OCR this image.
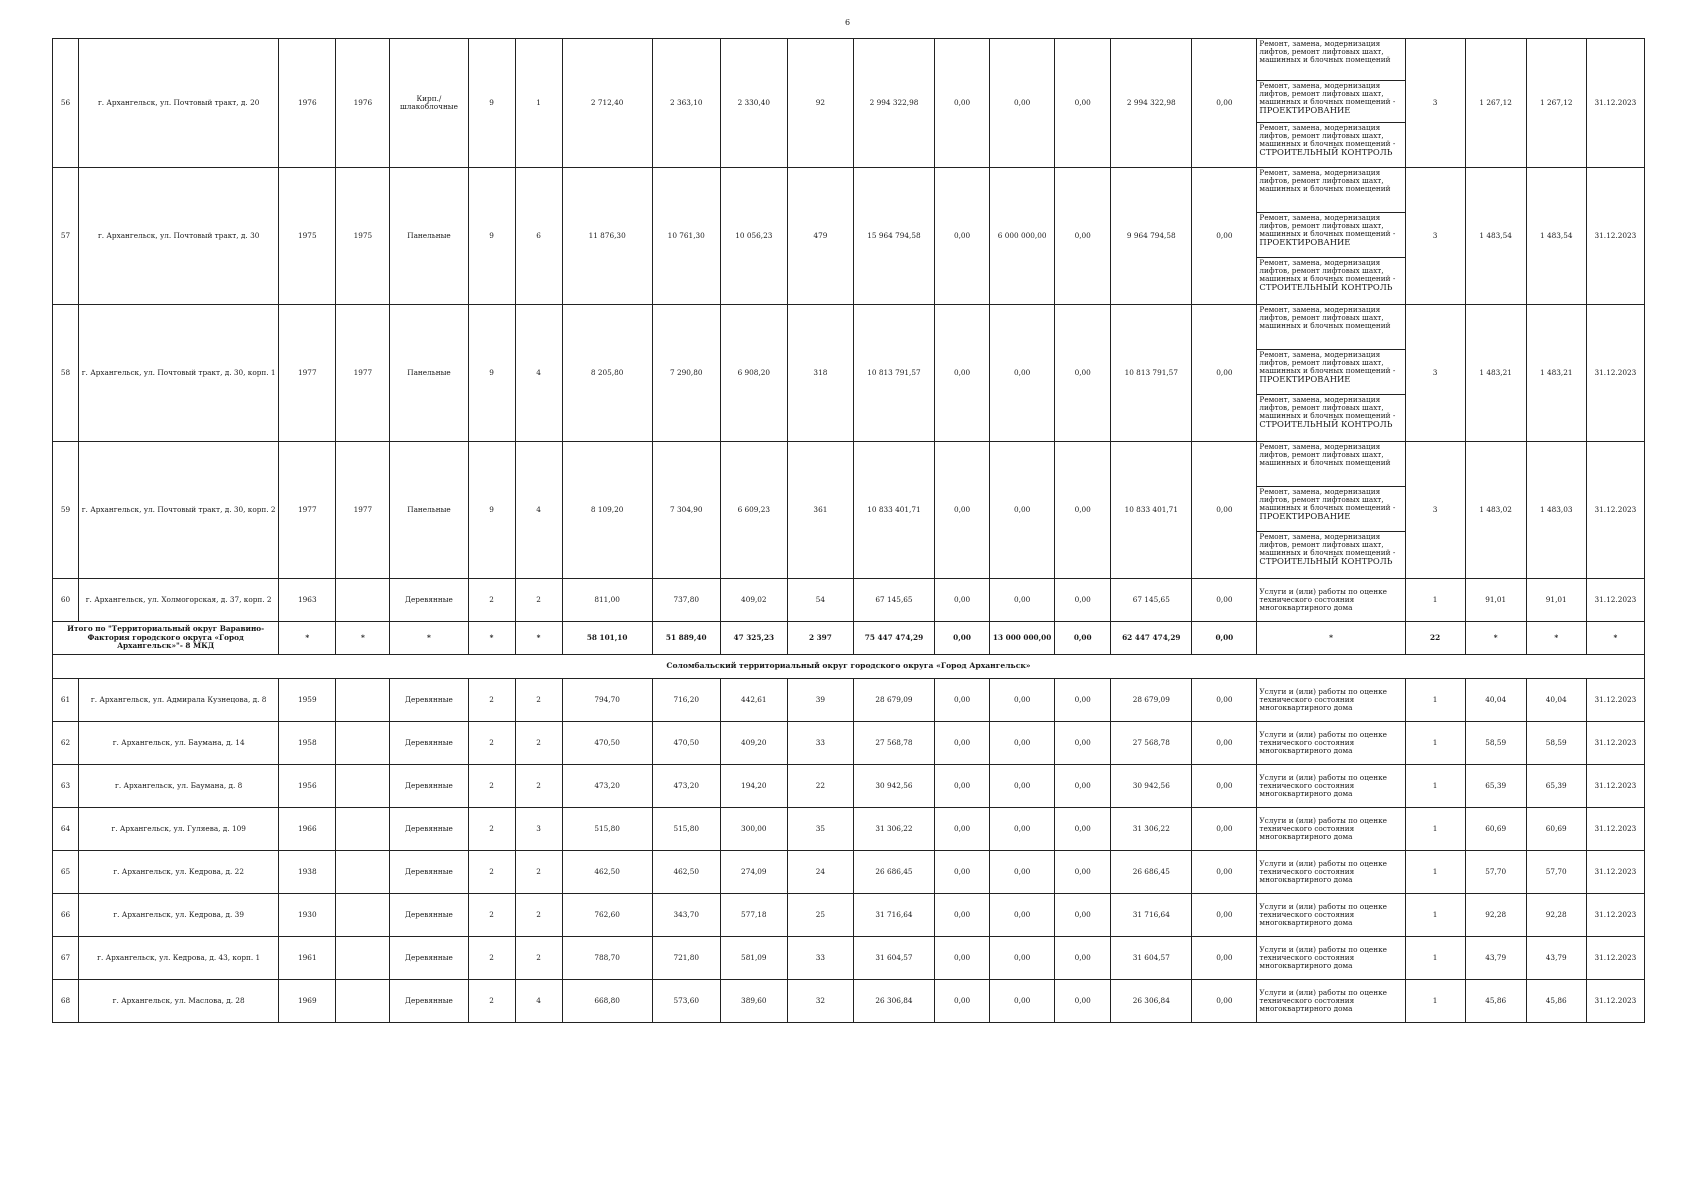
6
56	г. Архангельск, ул. Почтовый тракт, д. 20	1976	1976	Кирп./ шлакоблочные	9	1	2 712,40	2 363,10	2 330,40	92	2 994 322,98	0,00	0,00	0,00	2 994 322,98	0,00	Ремонт, замена, модернизация лифтов, ремонт лифтовых шахт, машинных и блочных помещений
Ремонт, замена, модернизация лифтов, ремонт лифтовых шахт, машинных и блочных помещений -
ПРОЕКТИРОВАНИЕ
Ремонт, замена, модернизация лифтов, ремонт лифтовых шахт, машинных и блочных помещений -
СТРОИТЕЛЬНЫЙ КОНТРОЛЬ	3	1 267,12	1 267,12	31.12.2023
57	г. Архангельск, ул. Почтовый тракт, д. 30	1975	1975	Панельные	9	6	11 876,30	10 761,30	10 056,23	479	15 964 794,58	0,00	6 000 000,00	0,00	9 964 794,58	0,00	Ремонт, замена, модернизация лифтов, ремонт лифтовых шахт, машинных и блочных помещений
Ремонт, замена, модернизация лифтов, ремонт лифтовых шахт, машинных и блочных помещений -
ПРОЕКТИРОВАНИЕ
Ремонт, замена, модернизация лифтов, ремонт лифтовых шахт, машинных и блочных помещений -
СТРОИТЕЛЬНЫЙ КОНТРОЛЬ	3	1 483,54	1 483,54	31.12.2023
58	г. Архангельск, ул. Почтовый тракт, д. 30, корп. 1	1977	1977	Панельные	9	4	8 205,80	7 290,80	6 908,20	318	10 813 791,57	0,00	0,00	0,00	10 813 791,57	0,00	Ремонт, замена, модернизация лифтов, ремонт лифтовых шахт, машинных и блочных помещений
Ремонт, замена, модернизация лифтов, ремонт лифтовых шахт, машинных и блочных помещений -
ПРОЕКТИРОВАНИЕ
Ремонт, замена, модернизация лифтов, ремонт лифтовых шахт, машинных и блочных помещений -
СТРОИТЕЛЬНЫЙ КОНТРОЛЬ	3	1 483,21	1 483,21	31.12.2023
59	г. Архангельск, ул. Почтовый тракт, д. 30, корп. 2	1977	1977	Панельные	9	4	8 109,20	7 304,90	6 609,23	361	10 833 401,71	0,00	0,00	0,00	10 833 401,71	0,00	Ремонт, замена, модернизация лифтов, ремонт лифтовых шахт, машинных и блочных помещений
Ремонт, замена, модернизация лифтов, ремонт лифтовых шахт, машинных и блочных помещений -
ПРОЕКТИРОВАНИЕ
Ремонт, замена, модернизация лифтов, ремонт лифтовых шахт, машинных и блочных помещений -
СТРОИТЕЛЬНЫЙ КОНТРОЛЬ	3	1 483,02	1 483,03	31.12.2023
60	г. Архангельск, ул. Холмогорская, д. 37, корп. 2	1963		Деревянные	2	2	811,00	737,80	409,02	54	67 145,65	0,00	0,00	0,00	67 145,65	0,00	Услуги и (или) работы по оценке технического состояния многоквартирного дома	1	91,01	91,01	31.12.2023
Итого по "Территориальный округ Варавино-Фактория городского округа «Город Архангельск»"- 8 МКД		*	*	*	*	*	58 101,10	51 889,40	47 325,23	2 397	75 447 474,29	0,00	13 000 000,00	0,00	62 447 474,29	0,00	*	22	*	*	*
Соломбальский территориальный округ городского округа «Город Архангельск»																					
61	г. Архангельск, ул. Адмирала Кузнецова, д. 8	1959		Деревянные	2	2	794,70	716,20	442,61	39	28 679,09	0,00	0,00	0,00	28 679,09	0,00	Услуги и (или) работы по оценке технического состояния многоквартирного дома	1	40,04	40,04	31.12.2023
62	г. Архангельск, ул. Баумана, д. 14	1958		Деревянные	2	2	470,50	470,50	409,20	33	27 568,78	0,00	0,00	0,00	27 568,78	0,00	Услуги и (или) работы по оценке технического состояния многоквартирного дома	1	58,59	58,59	31.12.2023
63	г. Архангельск, ул. Баумана, д. 8	1956		Деревянные	2	2	473,20	473,20	194,20	22	30 942,56	0,00	0,00	0,00	30 942,56	0,00	Услуги и (или) работы по оценке технического состояния многоквартирного дома	1	65,39	65,39	31.12.2023
64	г. Архангельск, ул. Гуляева, д. 109	1966		Деревянные	2	3	515,80	515,80	300,00	35	31 306,22	0,00	0,00	0,00	31 306,22	0,00	Услуги и (или) работы по оценке технического состояния многоквартирного дома	1	60,69	60,69	31.12.2023
65	г. Архангельск, ул. Кедрова, д. 22	1938		Деревянные	2	2	462,50	462,50	274,09	24	26 686,45	0,00	0,00	0,00	26 686,45	0,00	Услуги и (или) работы по оценке технического состояния многоквартирного дома	1	57,70	57,70	31.12.2023
66	г. Архангельск, ул. Кедрова, д. 39	1930		Деревянные	2	2	762,60	343,70	577,18	25	31 716,64	0,00	0,00	0,00	31 716,64	0,00	Услуги и (или) работы по оценке технического состояния многоквартирного дома	1	92,28	92,28	31.12.2023
67	г. Архангельск, ул. Кедрова, д. 43, корп. 1	1961		Деревянные	2	2	788,70	721,80	581,09	33	31 604,57	0,00	0,00	0,00	31 604,57	0,00	Услуги и (или) работы по оценке технического состояния многоквартирного дома	1	43,79	43,79	31.12.2023
68	г. Архангельск, ул. Маслова, д. 28	1969		Деревянные	2	4	668,80	573,60	389,60	32	26 306,84	0,00	0,00	0,00	26 306,84	0,00	Услуги и (или) работы по оценке технического состояния многоквартирного дома	1	45,86	45,86	31.12.2023
